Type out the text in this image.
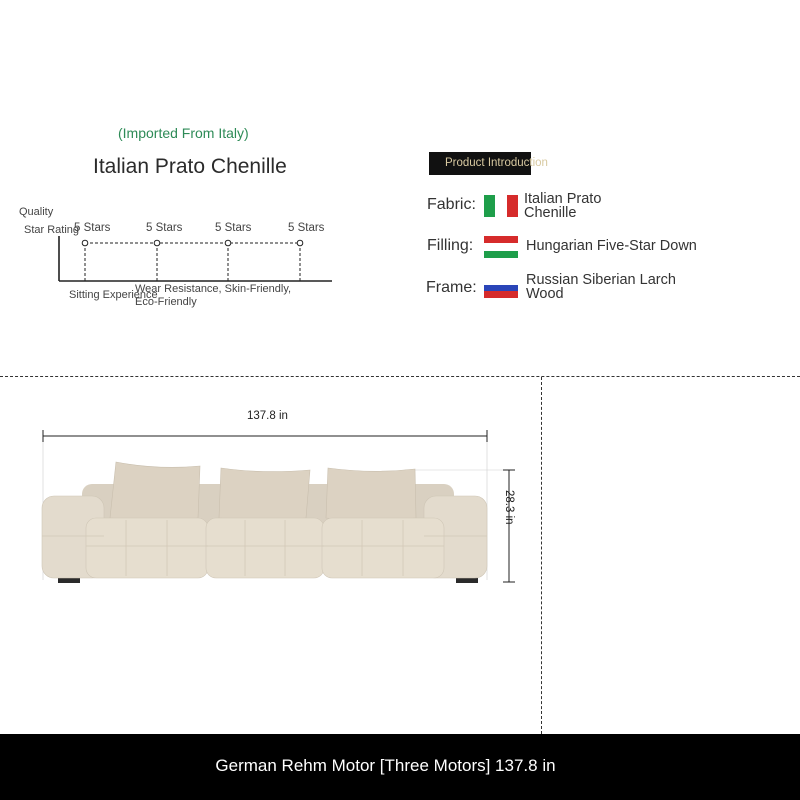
(Imported From Italy)
Italian Prato Chenille
Quality
Star Rating
5 Stars	5 Stars	5 Stars	5 Stars
Sitting Experience
Wear Resistance, Skin-Friendly,
Eco-Friendly
Product Introduction
Fabric:	Italian Prato
Chenille
Filling:	Hungarian Five-Star Down
Frame:	Russian Siberian Larch
Wood
137.8 in
28.3 in
German Rehm Motor [Three Motors] 137.8 in
